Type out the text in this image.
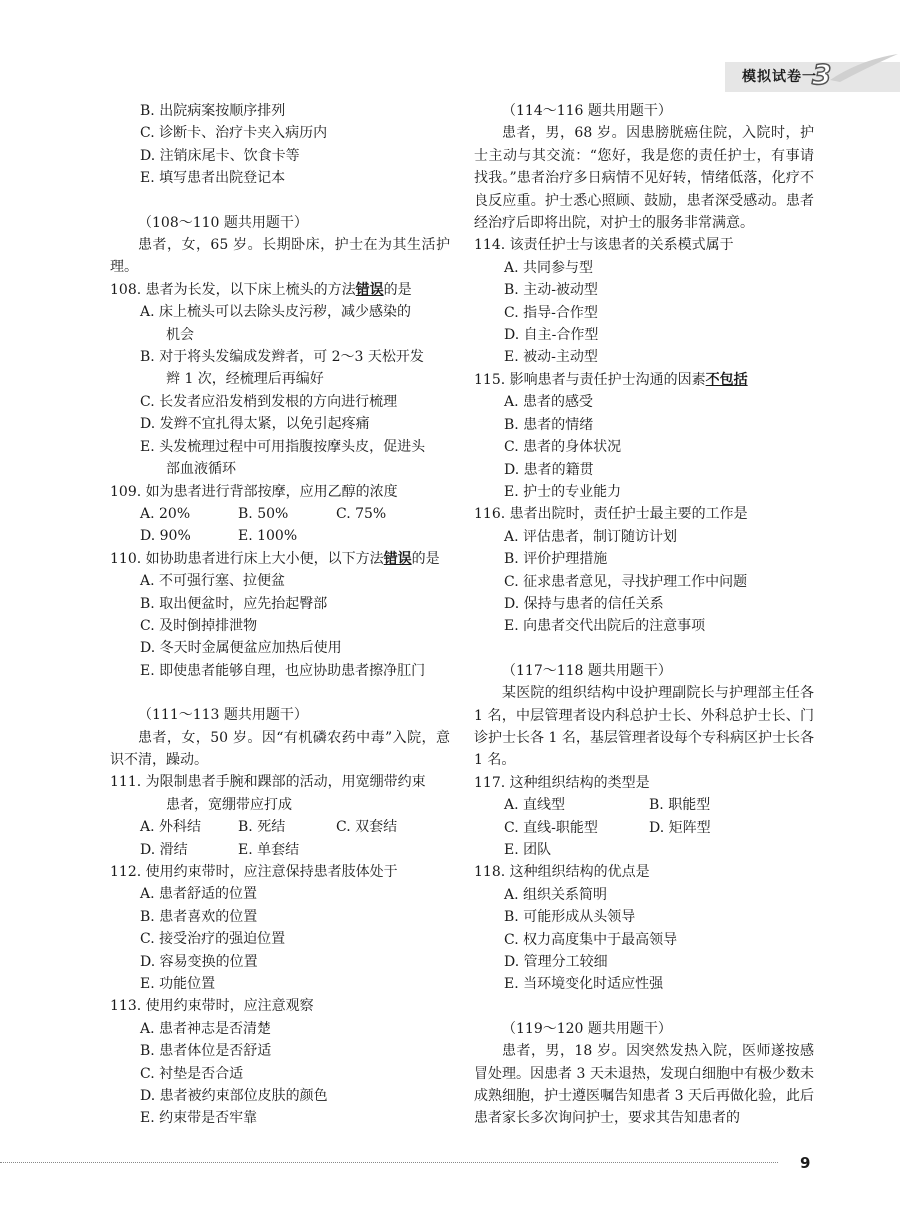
模拟试卷一
3
B. 出院病案按顺序排列
C. 诊断卡、治疗卡夹入病历内
D. 注销床尾卡、饮食卡等
E. 填写患者出院登记本
（108～110 题共用题干）
患者，女，65 岁。长期卧床，护士在为其生活护理。
108. 患者为长发，以下床上梳头的方法错误的是
A. 床上梳头可以去除头皮污秽，减少感染的
机会
B. 对于将头发编成发辫者，可 2～3 天松开发
辫 1 次，经梳理后再编好
C. 长发者应沿发梢到发根的方向进行梳理
D. 发辫不宜扎得太紧，以免引起疼痛
E. 头发梳理过程中可用指腹按摩头皮，促进头
部血液循环
109. 如为患者进行背部按摩，应用乙醇的浓度
A. 20%	B. 50%	C. 75%
D. 90%	E. 100%
110. 如协助患者进行床上大小便，以下方法错误的是
A. 不可强行塞、拉便盆
B. 取出便盆时，应先抬起臀部
C. 及时倒掉排泄物
D. 冬天时金属便盆应加热后使用
E. 即使患者能够自理，也应协助患者擦净肛门
（111～113 题共用题干）
患者，女，50 岁。因“有机磷农药中毒”入院，意识不清，躁动。
111. 为限制患者手腕和踝部的活动，用宽绷带约束
患者，宽绷带应打成
A. 外科结	B. 死结	C. 双套结
D. 滑结	E. 单套结
112. 使用约束带时，应注意保持患者肢体处于
A. 患者舒适的位置
B. 患者喜欢的位置
C. 接受治疗的强迫位置
D. 容易变换的位置
E. 功能位置
113. 使用约束带时，应注意观察
A. 患者神志是否清楚
B. 患者体位是否舒适
C. 衬垫是否合适
D. 患者被约束部位皮肤的颜色
E. 约束带是否牢靠
（114～116 题共用题干）
患者，男，68 岁。因患膀胱癌住院，入院时，护士主动与其交流：“您好，我是您的责任护士，有事请找我。”患者治疗多日病情不见好转，情绪低落，化疗不良反应重。护士悉心照顾、鼓励，患者深受感动。患者经治疗后即将出院，对护士的服务非常满意。
114. 该责任护士与该患者的关系模式属于
A. 共同参与型
B. 主动-被动型
C. 指导-合作型
D. 自主-合作型
E. 被动-主动型
115. 影响患者与责任护士沟通的因素不包括
A. 患者的感受
B. 患者的情绪
C. 患者的身体状况
D. 患者的籍贯
E. 护士的专业能力
116. 患者出院时，责任护士最主要的工作是
A. 评估患者，制订随访计划
B. 评价护理措施
C. 征求患者意见，寻找护理工作中问题
D. 保持与患者的信任关系
E. 向患者交代出院后的注意事项
（117～118 题共用题干）
某医院的组织结构中设护理副院长与护理部主任各 1 名，中层管理者设内科总护士长、外科总护士长、门诊护士长各 1 名，基层管理者设每个专科病区护士长各 1 名。
117. 这种组织结构的类型是
A. 直线型	B. 职能型
C. 直线-职能型	D. 矩阵型
E. 团队
118. 这种组织结构的优点是
A. 组织关系简明
B. 可能形成从头领导
C. 权力高度集中于最高领导
D. 管理分工较细
E. 当环境变化时适应性强
（119～120 题共用题干）
患者，男，18 岁。因突然发热入院，医师遂按感冒处理。因患者 3 天未退热，发现白细胞中有极少数未成熟细胞，护士遵医嘱告知患者 3 天后再做化验，此后患者家长多次询问护士，要求其告知患者的
9
